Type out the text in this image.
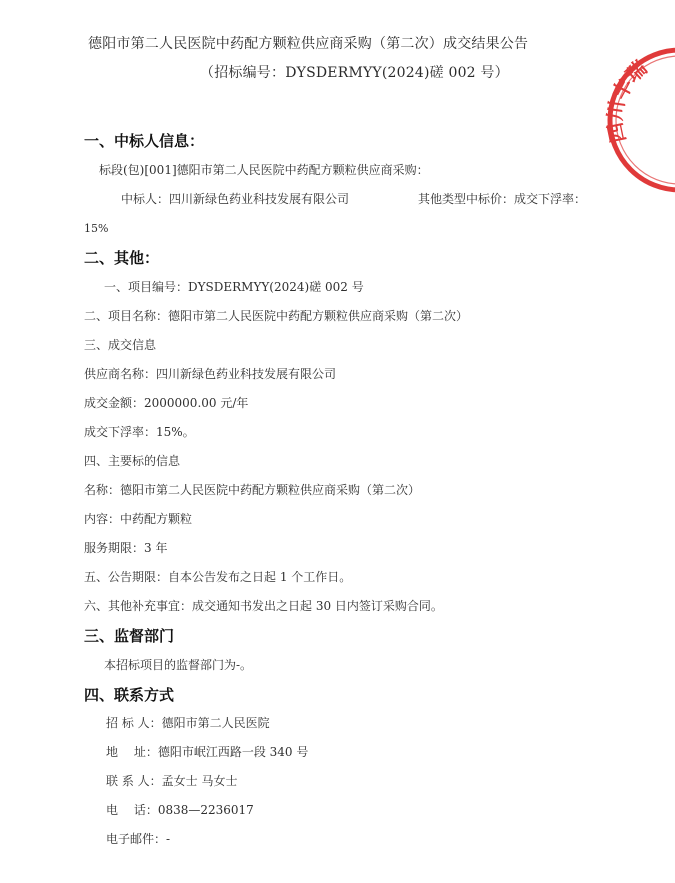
德阳市第二人民医院中药配方颗粒供应商采购（第二次）成交结果公告
（招标编号：DYSDERMYY(2024)磋 002 号）
一、中标人信息：
标段(包)[001]德阳市第二人民医院中药配方颗粒供应商采购：
中标人：四川新绿色药业科技发展有限公司	其他类型中标价：成交下浮率：
15%
二、其他：
一、项目编号：DYSDERMYY(2024)磋 002 号
二、项目名称：德阳市第二人民医院中药配方颗粒供应商采购（第二次）
三、成交信息
供应商名称：四川新绿色药业科技发展有限公司
成交金额：2000000.00 元/年
成交下浮率：15%。
四、主要标的信息
名称：德阳市第二人民医院中药配方颗粒供应商采购（第二次）
内容：中药配方颗粒
服务期限：3 年
五、公告期限：自本公告发布之日起 1 个工作日。
六、其他补充事宜：成交通知书发出之日起 30 日内签订采购合同。
三、监督部门
本招标项目的监督部门为-。
四、联系方式
招 标 人：德阳市第二人民医院
地　 址：德阳市岷江西路一段 340 号
联 系 人：孟女士 马女士
电　 话：0838—2236017
电子邮件：-
四川丰瑞
